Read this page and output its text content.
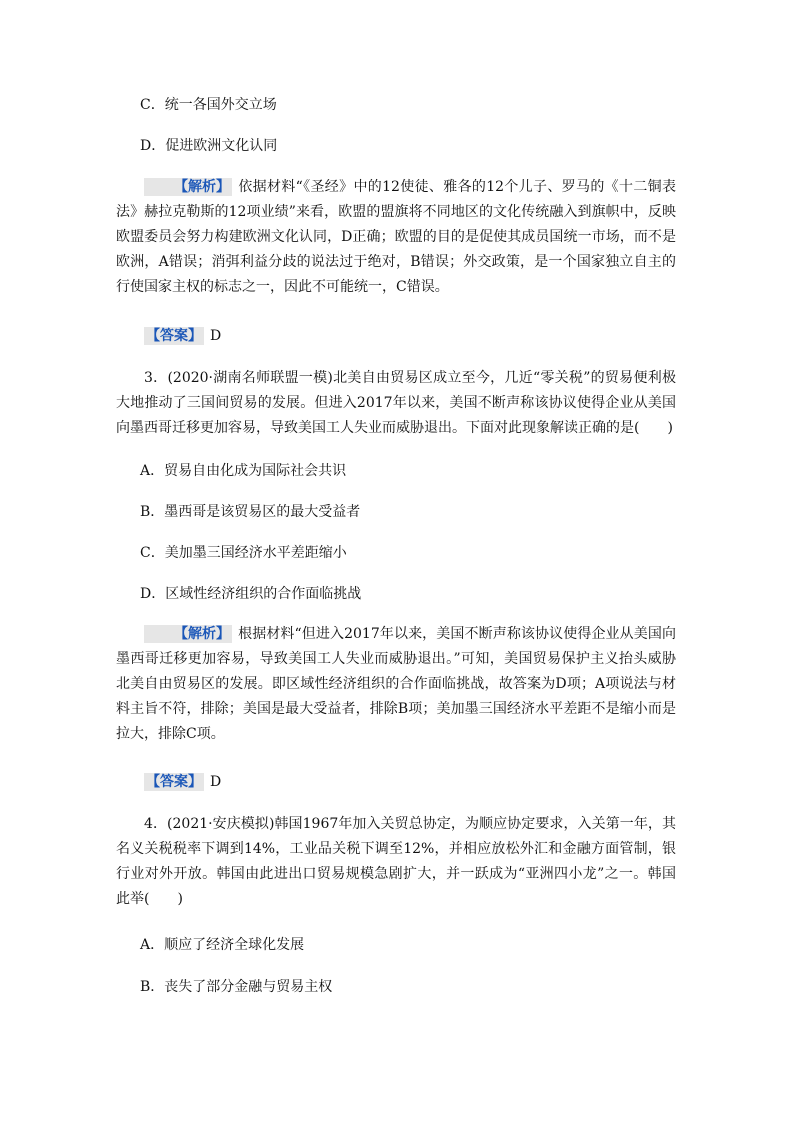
C．统一各国外交立场
D．促进欧洲文化认同
【解析】 依据材料“《圣经》中的12使徒、雅各的12个儿子、罗马的《十二铜表法》赫拉克勒斯的12项业绩”来看，欧盟的盟旗将不同地区的文化传统融入到旗帜中，反映欧盟委员会努力构建欧洲文化认同，D正确；欧盟的目的是促使其成员国统一市场，而不是欧洲，A错误；消弭利益分歧的说法过于绝对，B错误；外交政策，是一个国家独立自主的行使国家主权的标志之一，因此不可能统一，C错误。
【答案】 D
3．(2020·湖南名师联盟一模)北美自由贸易区成立至今，几近“零关税”的贸易便利极大地推动了三国间贸易的发展。但进入2017年以来，美国不断声称该协议使得企业从美国向墨西哥迁移更加容易，导致美国工人失业而威胁退出。下面对此现象解读正确的是(　　)
A．贸易自由化成为国际社会共识
B．墨西哥是该贸易区的最大受益者
C．美加墨三国经济水平差距缩小
D．区域性经济组织的合作面临挑战
【解析】 根据材料“但进入2017年以来，美国不断声称该协议使得企业从美国向墨西哥迁移更加容易，导致美国工人失业而威胁退出。”可知，美国贸易保护主义抬头威胁北美自由贸易区的发展。即区域性经济组织的合作面临挑战，故答案为D项；A项说法与材料主旨不符，排除；美国是最大受益者，排除B项；美加墨三国经济水平差距不是缩小而是拉大，排除C项。
【答案】 D
4．(2021·安庆模拟)韩国1967年加入关贸总协定，为顺应协定要求，入关第一年，其名义关税税率下调到14%，工业品关税下调至12%，并相应放松外汇和金融方面管制，银行业对外开放。韩国由此进出口贸易规模急剧扩大，并一跃成为“亚洲四小龙”之一。韩国此举(　　)
A．顺应了经济全球化发展
B．丧失了部分金融与贸易主权
